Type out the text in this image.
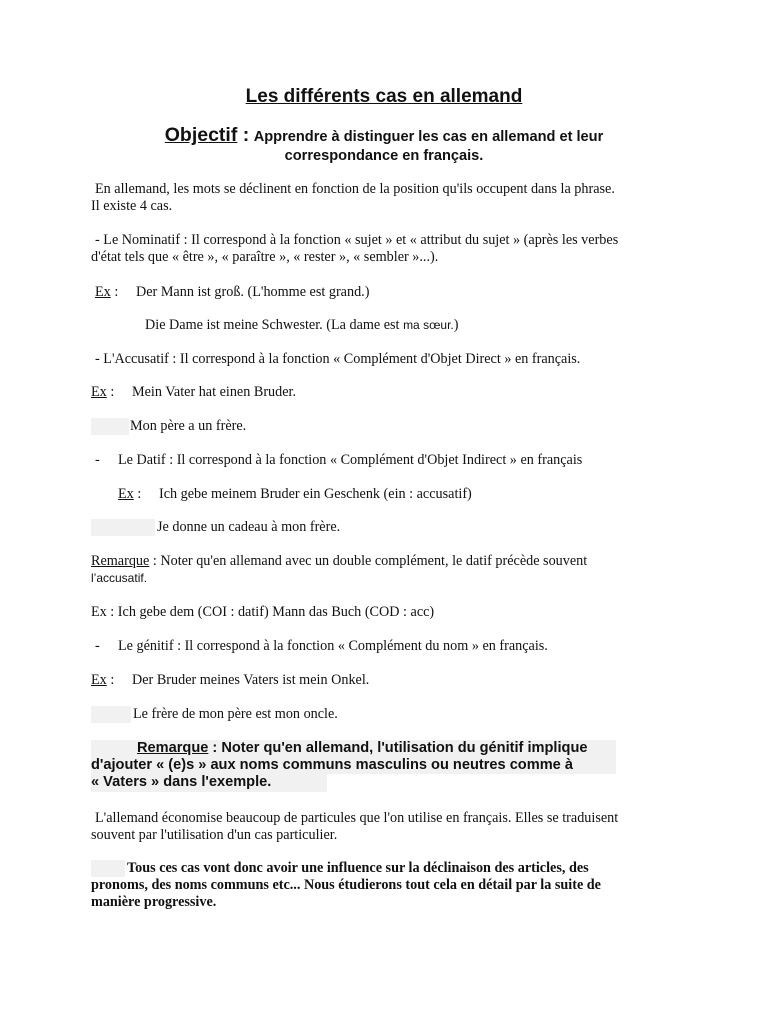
Les différents cas en allemand
Objectif : Apprendre à distinguer les cas en allemand et leur
correspondance en français.
En allemand, les mots se déclinent en fonction de la position qu'ils occupent dans la phrase.
Il existe 4 cas.
- Le Nominatif : Il correspond à la fonction « sujet » et « attribut du sujet » (après les verbes
d'état tels que « être », « paraître », « rester », « sembler »...).
Ex : Der Mann ist groß. (L'homme est grand.)
Die Dame ist meine Schwester. (La dame est ma sœur.)
- L'Accusatif : Il correspond à la fonction « Complément d'Objet Direct » en français.
Ex : Mein Vater hat einen Bruder.
Mon père a un frère.
- Le Datif : Il correspond à la fonction « Complément d'Objet Indirect » en français
Ex : Ich gebe meinem Bruder ein Geschenk (ein : accusatif)
Je donne un cadeau à mon frère.
Remarque : Noter qu'en allemand avec un double complément, le datif précède souvent
l’accusatif.
Ex : Ich gebe dem (COI : datif) Mann das Buch (COD : acc)
- Le génitif : Il correspond à la fonction « Complément du nom » en français.
Ex : Der Bruder meines Vaters ist mein Onkel.
Le frère de mon père est mon oncle.
Remarque : Noter qu'en allemand, l'utilisation du génitif implique
d'ajouter « (e)s » aux noms communs masculins ou neutres comme à
« Vaters » dans l'exemple.
L'allemand économise beaucoup de particules que l'on utilise en français. Elles se traduisent
souvent par l'utilisation d'un cas particulier.
Tous ces cas vont donc avoir une influence sur la déclinaison des articles, des
pronoms, des noms communs etc... Nous étudierons tout cela en détail par la suite de
manière progressive.
